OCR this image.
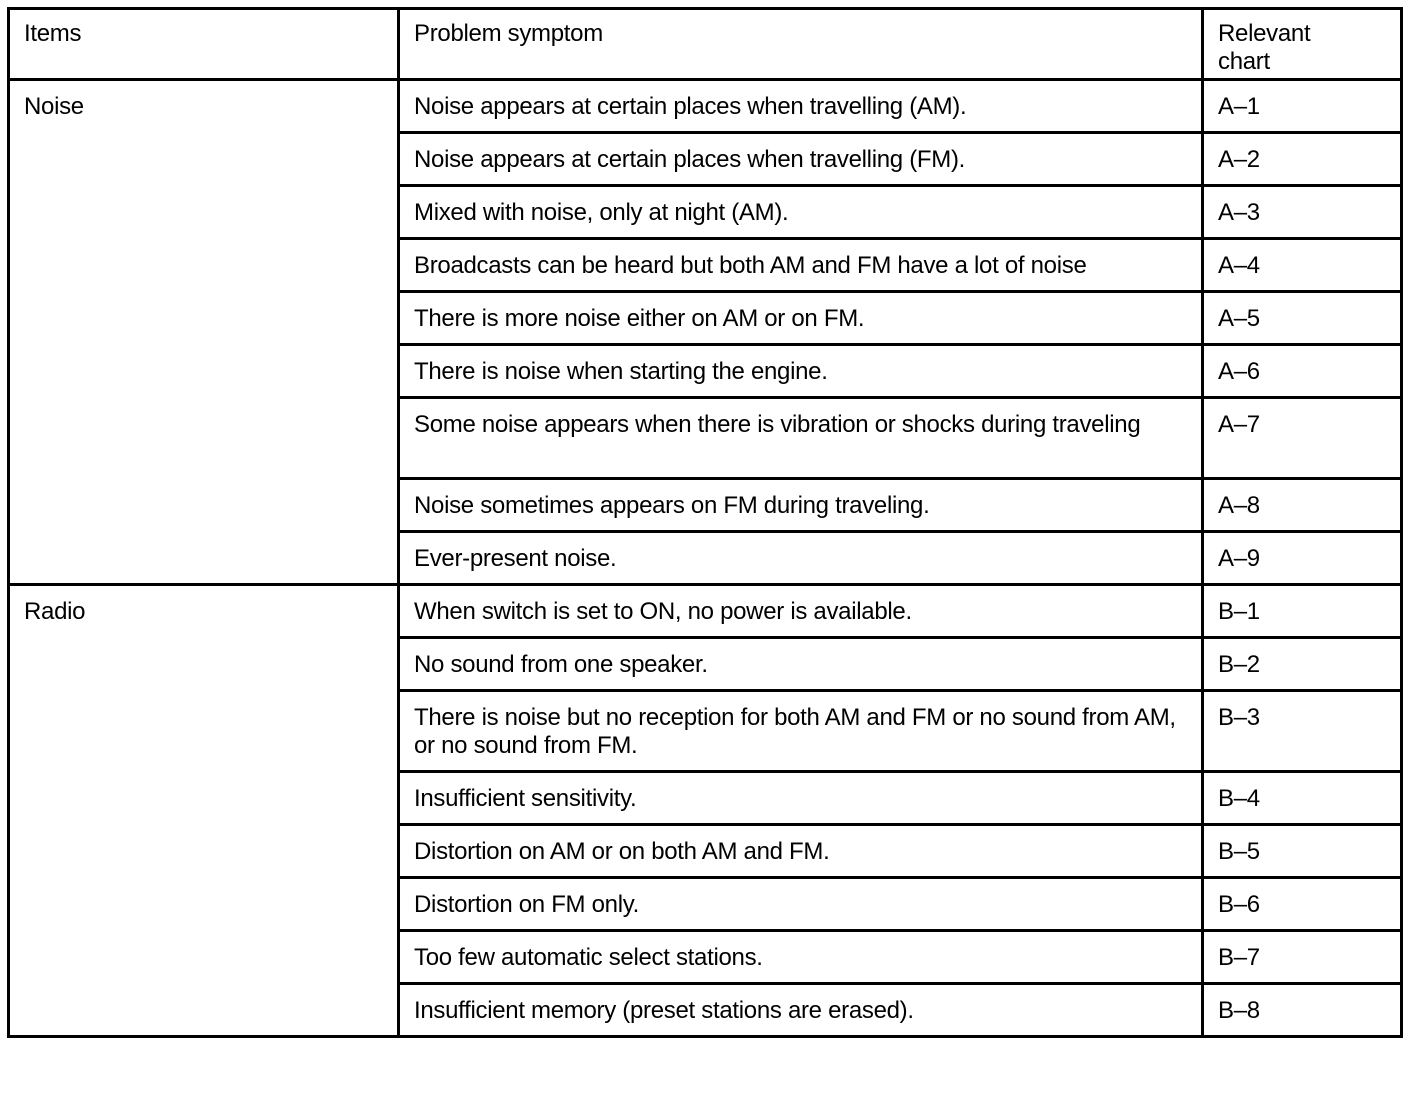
Items	Problem symptom	Relevant
chart
Noise	Noise appears at certain places when travelling (AM).	A–1
	Noise appears at certain places when travelling (FM).	A–2
	Mixed with noise, only at night (AM).	A–3
	Broadcasts can be heard but both AM and FM have a lot of noise	A–4
	There is more noise either on AM or on FM.	A–5
	There is noise when starting the engine.	A–6
	Some noise appears when there is vibration or shocks during traveling	A–7
	Noise sometimes appears on FM during traveling.	A–8
	Ever-present noise.	A–9
Radio	When switch is set to ON, no power is available.	B–1
	No sound from one speaker.	B–2
	There is noise but no reception for both AM and FM or no sound from AM, or no sound from FM.	B–3
	Insufficient sensitivity.	B–4
	Distortion on AM or on both AM and FM.	B–5
	Distortion on FM only.	B–6
	Too few automatic select stations.	B–7
	Insufficient memory (preset stations are erased).	B–8
